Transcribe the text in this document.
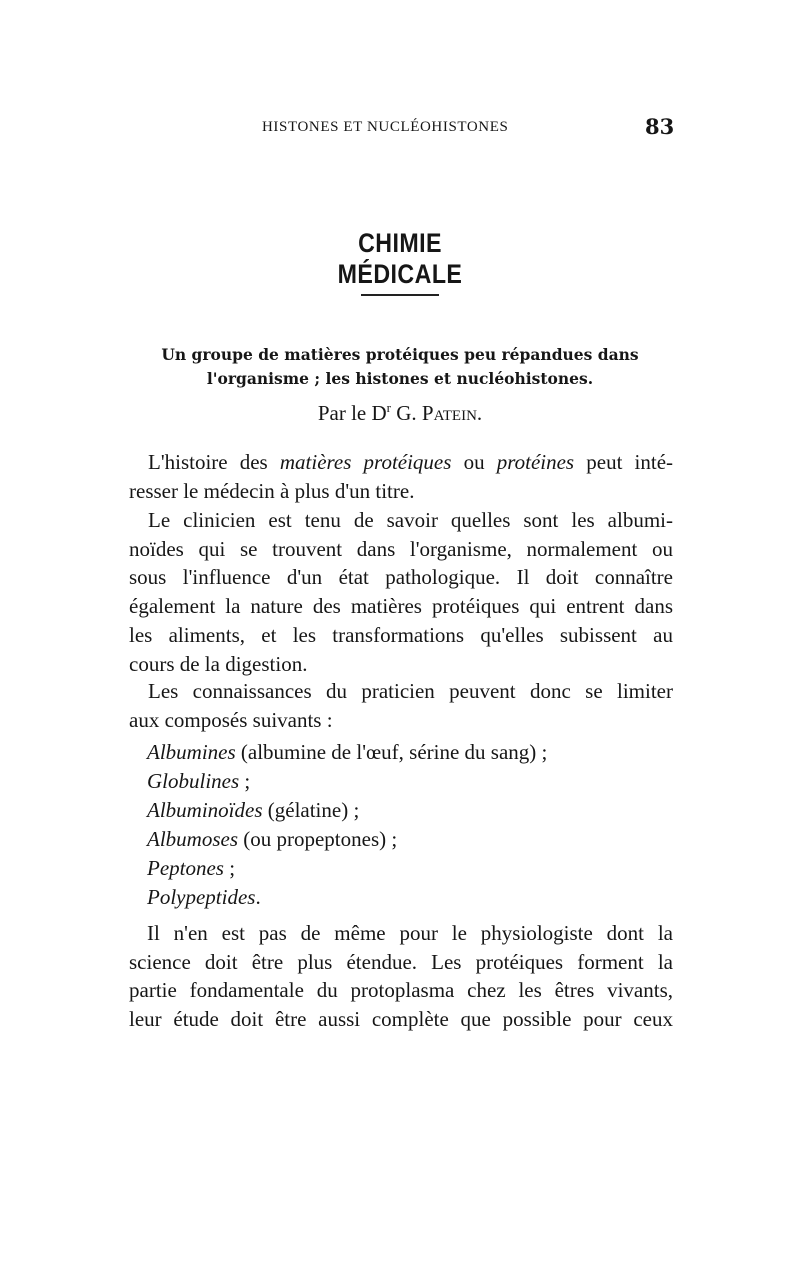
HISTONES ET NUCLÉOHISTONES	83
CHIMIE MÉDICALE
Un groupe de matières protéiques peu répandues dans
l'organisme ; les histones et nucléohistones.
Par le $D^r$ G. Patein.
L'histoire des matières protéiques ou protéines peut inté-
resser le médecin à plus d'un titre.
Le clinicien est tenu de savoir quelles sont les albumi-
noïdes qui se trouvent dans l'organisme, normalement ou
sous l'influence d'un état pathologique. Il doit connaître
également la nature des matières protéiques qui entrent dans
les aliments, et les transformations qu'elles subissent au
cours de la digestion.
Les connaissances du praticien peuvent donc se limiter
aux composés suivants :
Albumines (albumine de l'œuf, sérine du sang) ;
Globulines ;
Albuminoïdes (gélatine) ;
Albumoses (ou propeptones) ;
Peptones ;
Polypeptides.
Il n'en est pas de même pour le physiologiste dont la
science doit être plus étendue. Les protéiques forment la
partie fondamentale du protoplasma chez les êtres vivants,
leur étude doit être aussi complète que possible pour ceux
